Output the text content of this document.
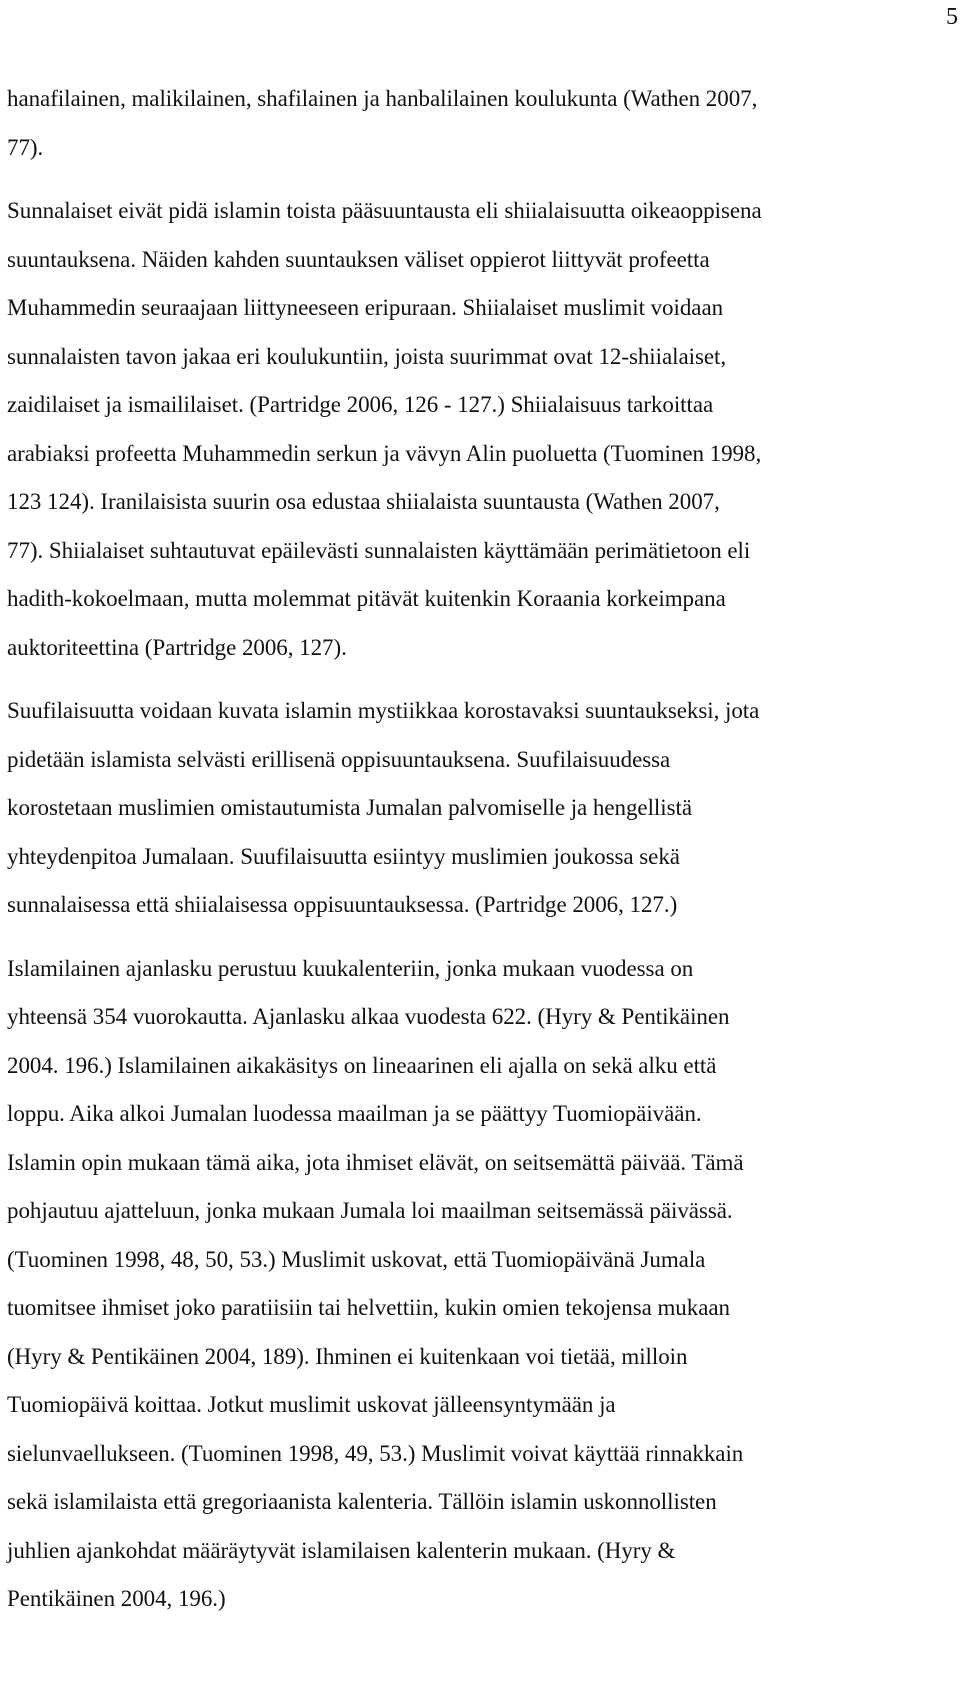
5

hanafilainen, malikilainen, shafilainen ja hanbalilainen koulukunta (Wathen 2007,
77).

Sunnalaiset eivät pidä islamin toista pääsuuntausta eli shiialaisuutta oikeaoppisena
suuntauksena. Näiden kahden suuntauksen väliset oppierot liittyvät profeetta
Muhammedin seuraajaan liittyneeseen eripuraan. Shiialaiset muslimit voidaan
sunnalaisten tavon jakaa eri koulukuntiin, joista suurimmat ovat 12-shiialaiset,
zaidilaiset ja ismaililaiset. (Partridge 2006, 126 - 127.) Shiialaisuus tarkoittaa
arabiaksi profeetta Muhammedin serkun ja vävyn Alin puoluetta (Tuominen 1998,
123 124). Iranilaisista suurin osa edustaa shiialaista suuntausta (Wathen 2007,
77). Shiialaiset suhtautuvat epäilevästi sunnalaisten käyttämään perimätietoon eli
hadith-kokoelmaan, mutta molemmat pitävät kuitenkin Koraania korkeimpana
auktoriteettina (Partridge 2006, 127).

Suufilaisuutta voidaan kuvata islamin mystiikkaa korostavaksi suuntaukseksi, jota
pidetään islamista selvästi erillisenä oppisuuntauksena. Suufilaisuudessa
korostetaan muslimien omistautumista Jumalan palvomiselle ja hengellistä
yhteydenpitoa Jumalaan. Suufilaisuutta esiintyy muslimien joukossa sekä
sunnalaisessa että shiialaisessa oppisuuntauksessa. (Partridge 2006, 127.)

Islamilainen ajanlasku perustuu kuukalenteriin, jonka mukaan vuodessa on
yhteensä 354 vuorokautta. Ajanlasku alkaa vuodesta 622. (Hyry & Pentikäinen
2004. 196.) Islamilainen aikakäsitys on lineaarinen eli ajalla on sekä alku että
loppu. Aika alkoi Jumalan luodessa maailman ja se päättyy Tuomiopäivään.
Islamin opin mukaan tämä aika, jota ihmiset elävät, on seitsemättä päivää. Tämä
pohjautuu ajatteluun, jonka mukaan Jumala loi maailman seitsemässä päivässä.
(Tuominen 1998, 48, 50, 53.) Muslimit uskovat, että Tuomiopäivänä Jumala
tuomitsee ihmiset joko paratiisiin tai helvettiin, kukin omien tekojensa mukaan
(Hyry & Pentikäinen 2004, 189). Ihminen ei kuitenkaan voi tietää, milloin
Tuomiopäivä koittaa. Jotkut muslimit uskovat jälleensyntymään ja
sielunvaellukseen. (Tuominen 1998, 49, 53.) Muslimit voivat käyttää rinnakkain
sekä islamilaista että gregoriaanista kalenteria. Tällöin islamin uskonnollisten
juhlien ajankohdat määräytyvät islamilaisen kalenterin mukaan. (Hyry &
Pentikäinen 2004, 196.)
